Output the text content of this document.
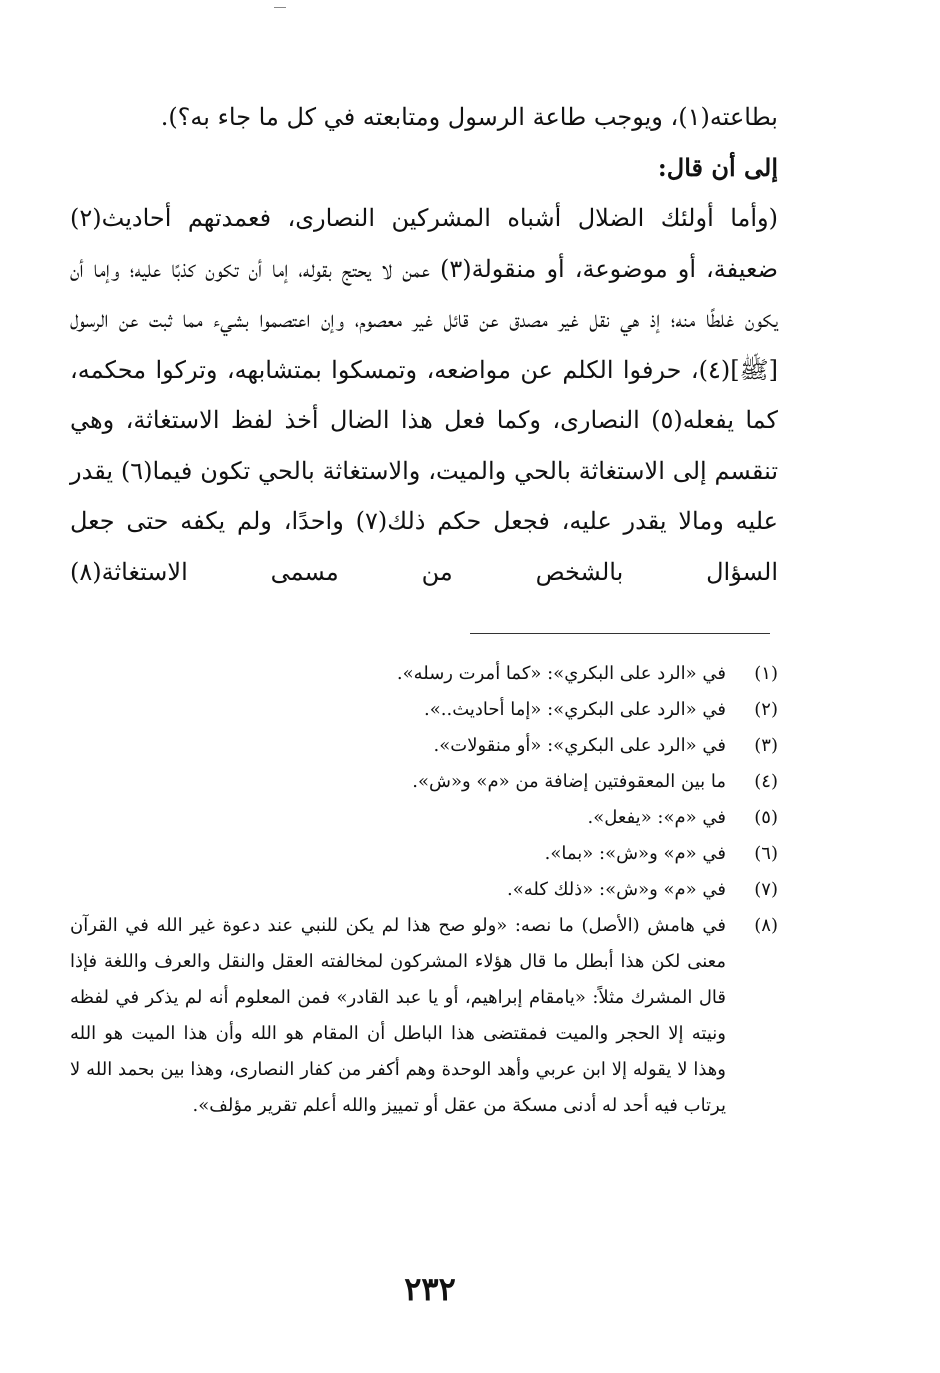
بطاعته(١)، ويوجب طاعة الرسول ومتابعته في كل ما جاء به؟).

إلى أن قال:

(وأما أولئك الضلال أشباه المشركين النصارى، فعمدتهم أحاديث(٢) ضعيفة، أو موضوعة، أو منقولة(٣) عمن لا يحتج بقوله، إما أن تكون كذبًا عليه؛ وإما أن يكون غلطًا منه؛ إذ هي نقل غير مصدق عن قائل غير معصوم، وإن اعتصموا بشيء مما ثبت عن الرسول [ﷺ](٤)، حرفوا الكلم عن مواضعه، وتمسكوا بمتشابهه، وتركوا محكمه، كما يفعله(٥) النصارى، وكما فعل هذا الضال أخذ لفظ الاستغاثة، وهي تنقسم إلى الاستغاثة بالحي والميت، والاستغاثة بالحي تكون فيما(٦) يقدر عليه ومالا يقدر عليه، فجعل حكم ذلك(٧) واحدًا، ولم يكفه حتى جعل السؤال بالشخص من مسمى الاستغاثة(٨)

(١)
في «الرد على البكري»: «كما أمرت رسله».
(٢)
في «الرد على البكري»: «إما أحاديث..».
(٣)
في «الرد على البكري»: «أو منقولات».
(٤)
ما بين المعقوفتين إضافة من «م» و«ش».
(٥)
في «م»: «يفعل».
(٦)
في «م» و«ش»: «بما».
(٧)
في «م» و«ش»: «ذلك كله».
(٨)
في هامش (الأصل) ما نصه: «ولو صح هذا لم يكن للنبي عند دعوة غير الله في القرآن معنى لكن هذا أبطل ما قال هؤلاء المشركون لمخالفته العقل والنقل والعرف واللغة فإذا قال المشرك مثلاً: «يامقام إبراهيم، أو يا عبد القادر» فمن المعلوم أنه لم يذكر في لفظه ونيته إلا الحجر والميت فمقتضى هذا الباطل أن المقام هو الله وأن هذا الميت هو الله وهذا لا يقوله إلا ابن عربي وأهد الوحدة وهم أكفر من كفار النصارى، وهذا بين بحمد الله لا يرتاب فيه أحد له أدنى مسكة من عقل أو تمييز والله أعلم تقرير مؤلف».
٢٣٢
